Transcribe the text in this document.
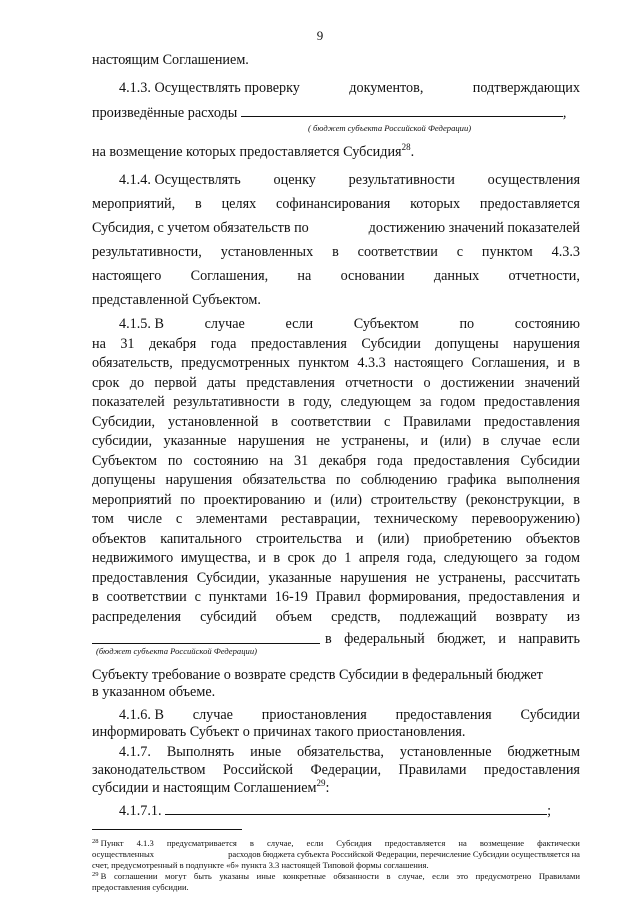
9
настоящим Соглашением.
4.1.3. Осуществлять проверку	документов,	подтверждающих
произведённые расходы	,
( бюджет субъекта Российской Федерации)
на возмещение которых предоставляется Субсидия$^{28}$.
4.1.4. Осуществлять оценку результативности осуществления
мероприятий, в целях софинансирования которых предоставляется
Субсидия, с учетом обязательств по	достижению значений показателей
результативности, установленных в соответствии с пунктом 4.3.3
настоящего Соглашения, на основании данных отчетности,
представленной Субъектом.
4.1.5. В	случае	если	Субъектом	по	состоянию
на 31 декабря года предоставления Субсидии допущены нарушения
обязательств, предусмотренных пунктом 4.3.3 настоящего Соглашения, и в
срок до первой даты представления отчетности о достижении значений
показателей результативности в году, следующем за годом предоставления
Субсидии, установленной в соответствии с Правилами предоставления
субсидии, указанные нарушения не устранены, и (или) в случае если
Субъектом по состоянию на 31 декабря года предоставления Субсидии
допущены нарушения обязательства по соблюдению графика выполнения
мероприятий по проектированию и (или) строительству (реконструкции, в
том числе с элементами реставрации, техническому перевооружению)
объектов капитального строительства и (или) приобретению объектов
недвижимого имущества, и в срок до 1 апреля года, следующего за годом
предоставления Субсидии, указанные нарушения не устранены, рассчитать
в соответствии с пунктами 16-19 Правил формирования, предоставления и
распределения субсидий объем средств, подлежащий возврату из
в федеральный бюджет, и направить
(бюджет субъекта Российской Федерации)
Субъекту требование о возврате средств Субсидии в федеральный бюджет
в указанном объеме.
4.1.6. В случае приостановления предоставления Субсидии
информировать Субъект о причинах такого приостановления.
4.1.7. Выполнять иные обязательства, установленные бюджетным
законодательством Российской Федерации, Правилами предоставления
субсидии и настоящим Соглашением$^{29}$:
4.1.7.1.	;
$^{28}$ Пункт 4.1.3 предусматривается в случае, если Субсидия предоставляется на возмещение фактически
осуществленных	расходов бюджета субъекта Российской Федерации, перечисление Субсидии осуществляется на
счет, предусмотренный в подпункте «б» пункта 3.3 настоящей Типовой формы соглашения.
$^{29}$ В соглашении могут быть указаны иные конкретные обязанности в случае, если это предусмотрено Правилами
предоставления субсидии.
